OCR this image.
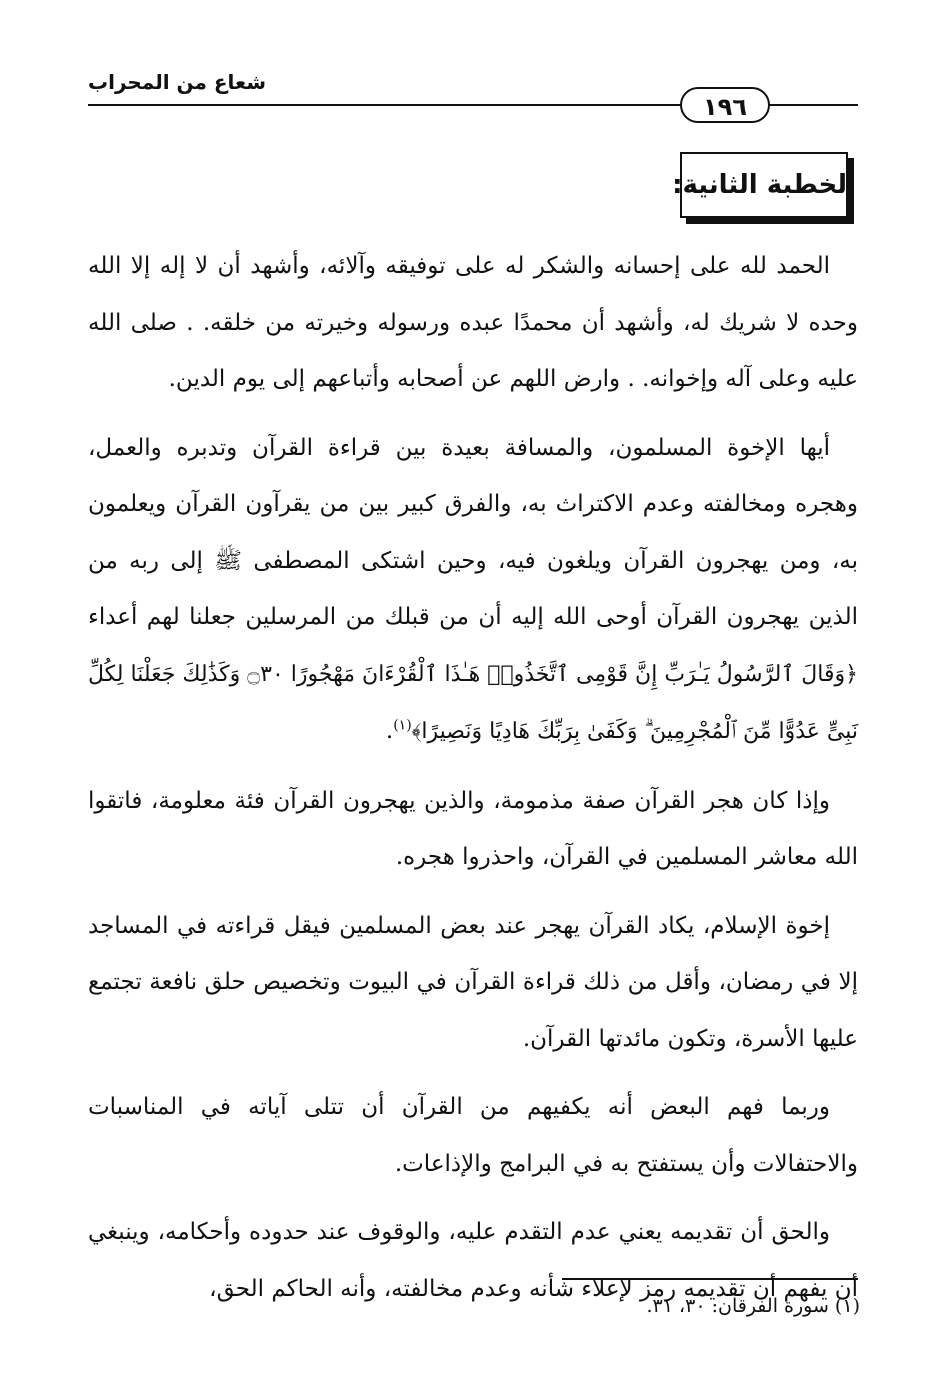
شعاع من المحراب
١٩٦
الخطبة الثانية:

الحمد لله على إحسانه والشكر له على توفيقه وآلائه، وأشهد أن لا إله إلا الله وحده لا شريك له، وأشهد أن محمدًا عبده ورسوله وخيرته من خلقه. . صلى الله عليه وعلى آله وإخوانه. . وارض اللهم عن أصحابه وأتباعهم إلى يوم الدين.

أيها الإخوة المسلمون، والمسافة بعيدة بين قراءة القرآن وتدبره والعمل، وهجره ومخالفته وعدم الاكتراث به، والفرق كبير بين من يقرآون القرآن ويعلمون به، ومن يهجرون القرآن ويلغون فيه، وحين اشتكى المصطفى ﷺ إلى ربه من الذين يهجرون القرآن أوحى الله إليه أن من قبلك من المرسلين جعلنا لهم أعداء ﴿وَقَالَ ٱلرَّسُولُ يَـٰرَبِّ إِنَّ قَوْمِى ٱتَّخَذُوا۟ هَـٰذَا ٱلْقُرْءَانَ مَهْجُورًا ۝٣٠ وَكَذَٰلِكَ جَعَلْنَا لِكُلِّ نَبِىٍّ عَدُوًّا مِّنَ ٱلْمُجْرِمِينَ ۗ وَكَفَىٰ بِرَبِّكَ هَادِيًا وَنَصِيرًا﴾$^{(١)}$.

وإذا كان هجر القرآن صفة مذمومة، والذين يهجرون القرآن فئة معلومة، فاتقوا الله معاشر المسلمين في القرآن، واحذروا هجره.

إخوة الإسلام، يكاد القرآن يهجر عند بعض المسلمين فيقل قراءته في المساجد إلا في رمضان، وأقل من ذلك قراءة القرآن في البيوت وتخصيص حلق نافعة تجتمع عليها الأسرة، وتكون مائدتها القرآن.

وربما فهم البعض أنه يكفيهم من القرآن أن تتلى آياته في المناسبات والاحتفالات وأن يستفتح به في البرامج والإذاعات.

والحق أن تقديمه يعني عدم التقدم عليه، والوقوف عند حدوده وأحكامه، وينبغي أن يفهم أن تقديمه رمز لإعلاء شأنه وعدم مخالفته، وأنه الحاكم الحق،

(١) سورة الفرقان: ٣٠، ٣١.
